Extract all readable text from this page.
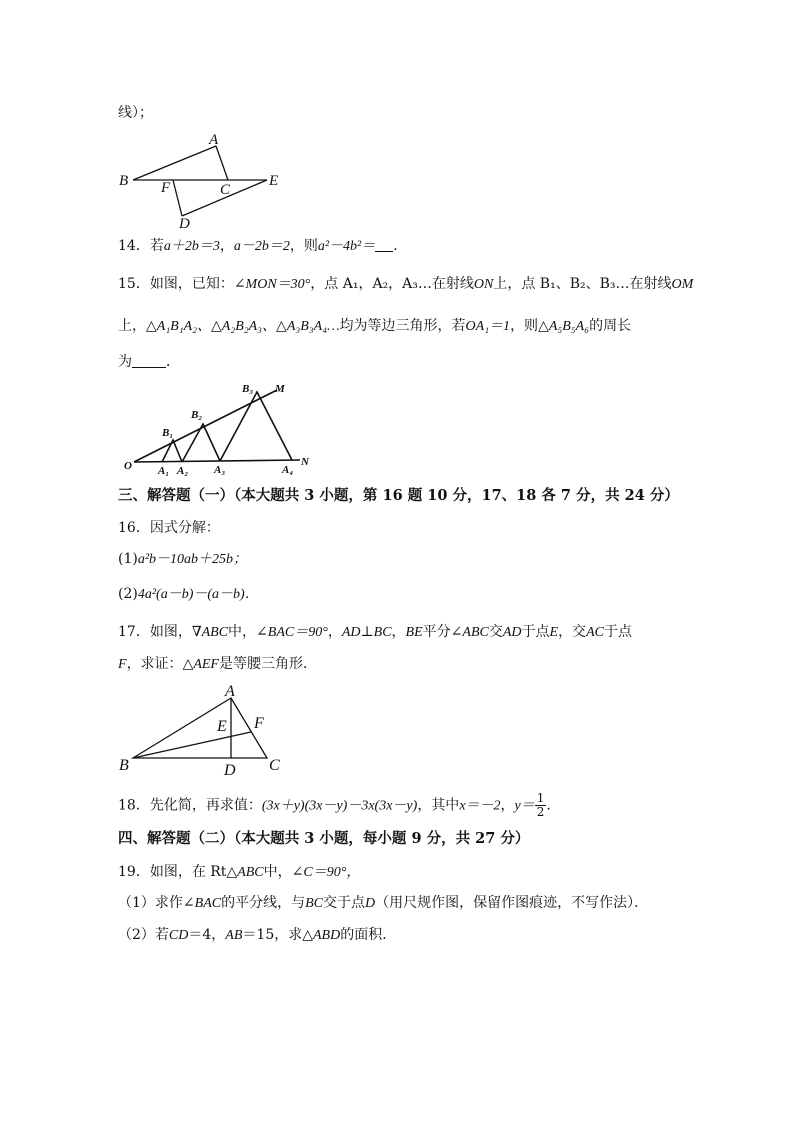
线）；
A
B F	C
E
D
14．若a＋2b＝3，a－2b＝2，则a²－4b²＝ ．
15．如图，已知：∠MON＝30°，点 A₁，A₂，A₃…在射线ON上，点 B₁、B₂、B₃…在射线OM
上，△A₁B₁A₂、△A₂B₂A₃、△A₃B₃A₄…均为等边三角形，若OA₁＝1，则△A₅B₅A₆的周长
为 ．
B₃ M
B₂
B₁
O A₁ A₂ A₃	A₄
N
三、解答题（一）（本大题共 3 小题，第 16 题 10 分，17、18 各 7 分，共 24 分）
16．因式分解：
(1)a²b－10ab＋25b；
(2)4a²(a－b)－(a－b)．
17．如图，∇ABC中，∠BAC＝90°，AD⊥BC，BE平分∠ABC交AD于点E，交AC于点
F，求证：△AEF是等腰三角形．
A
E F
B	D C
18．先化简，再求值：(3x＋y)(3x－y)－3x(3x－y)，其中x＝－2，$y= \frac{1}{2}$ ．
四、解答题（二）（本大题共 3 小题，每小题 9 分，共 27 分）
19．如图，在 Rt△ABC中，∠C＝90°，
（1）求作∠BAC的平分线，与BC交于点D（用尺规作图，保留作图痕迹，不写作法）．
（2）若CD＝4，AB＝15，求△ABD的面积．
